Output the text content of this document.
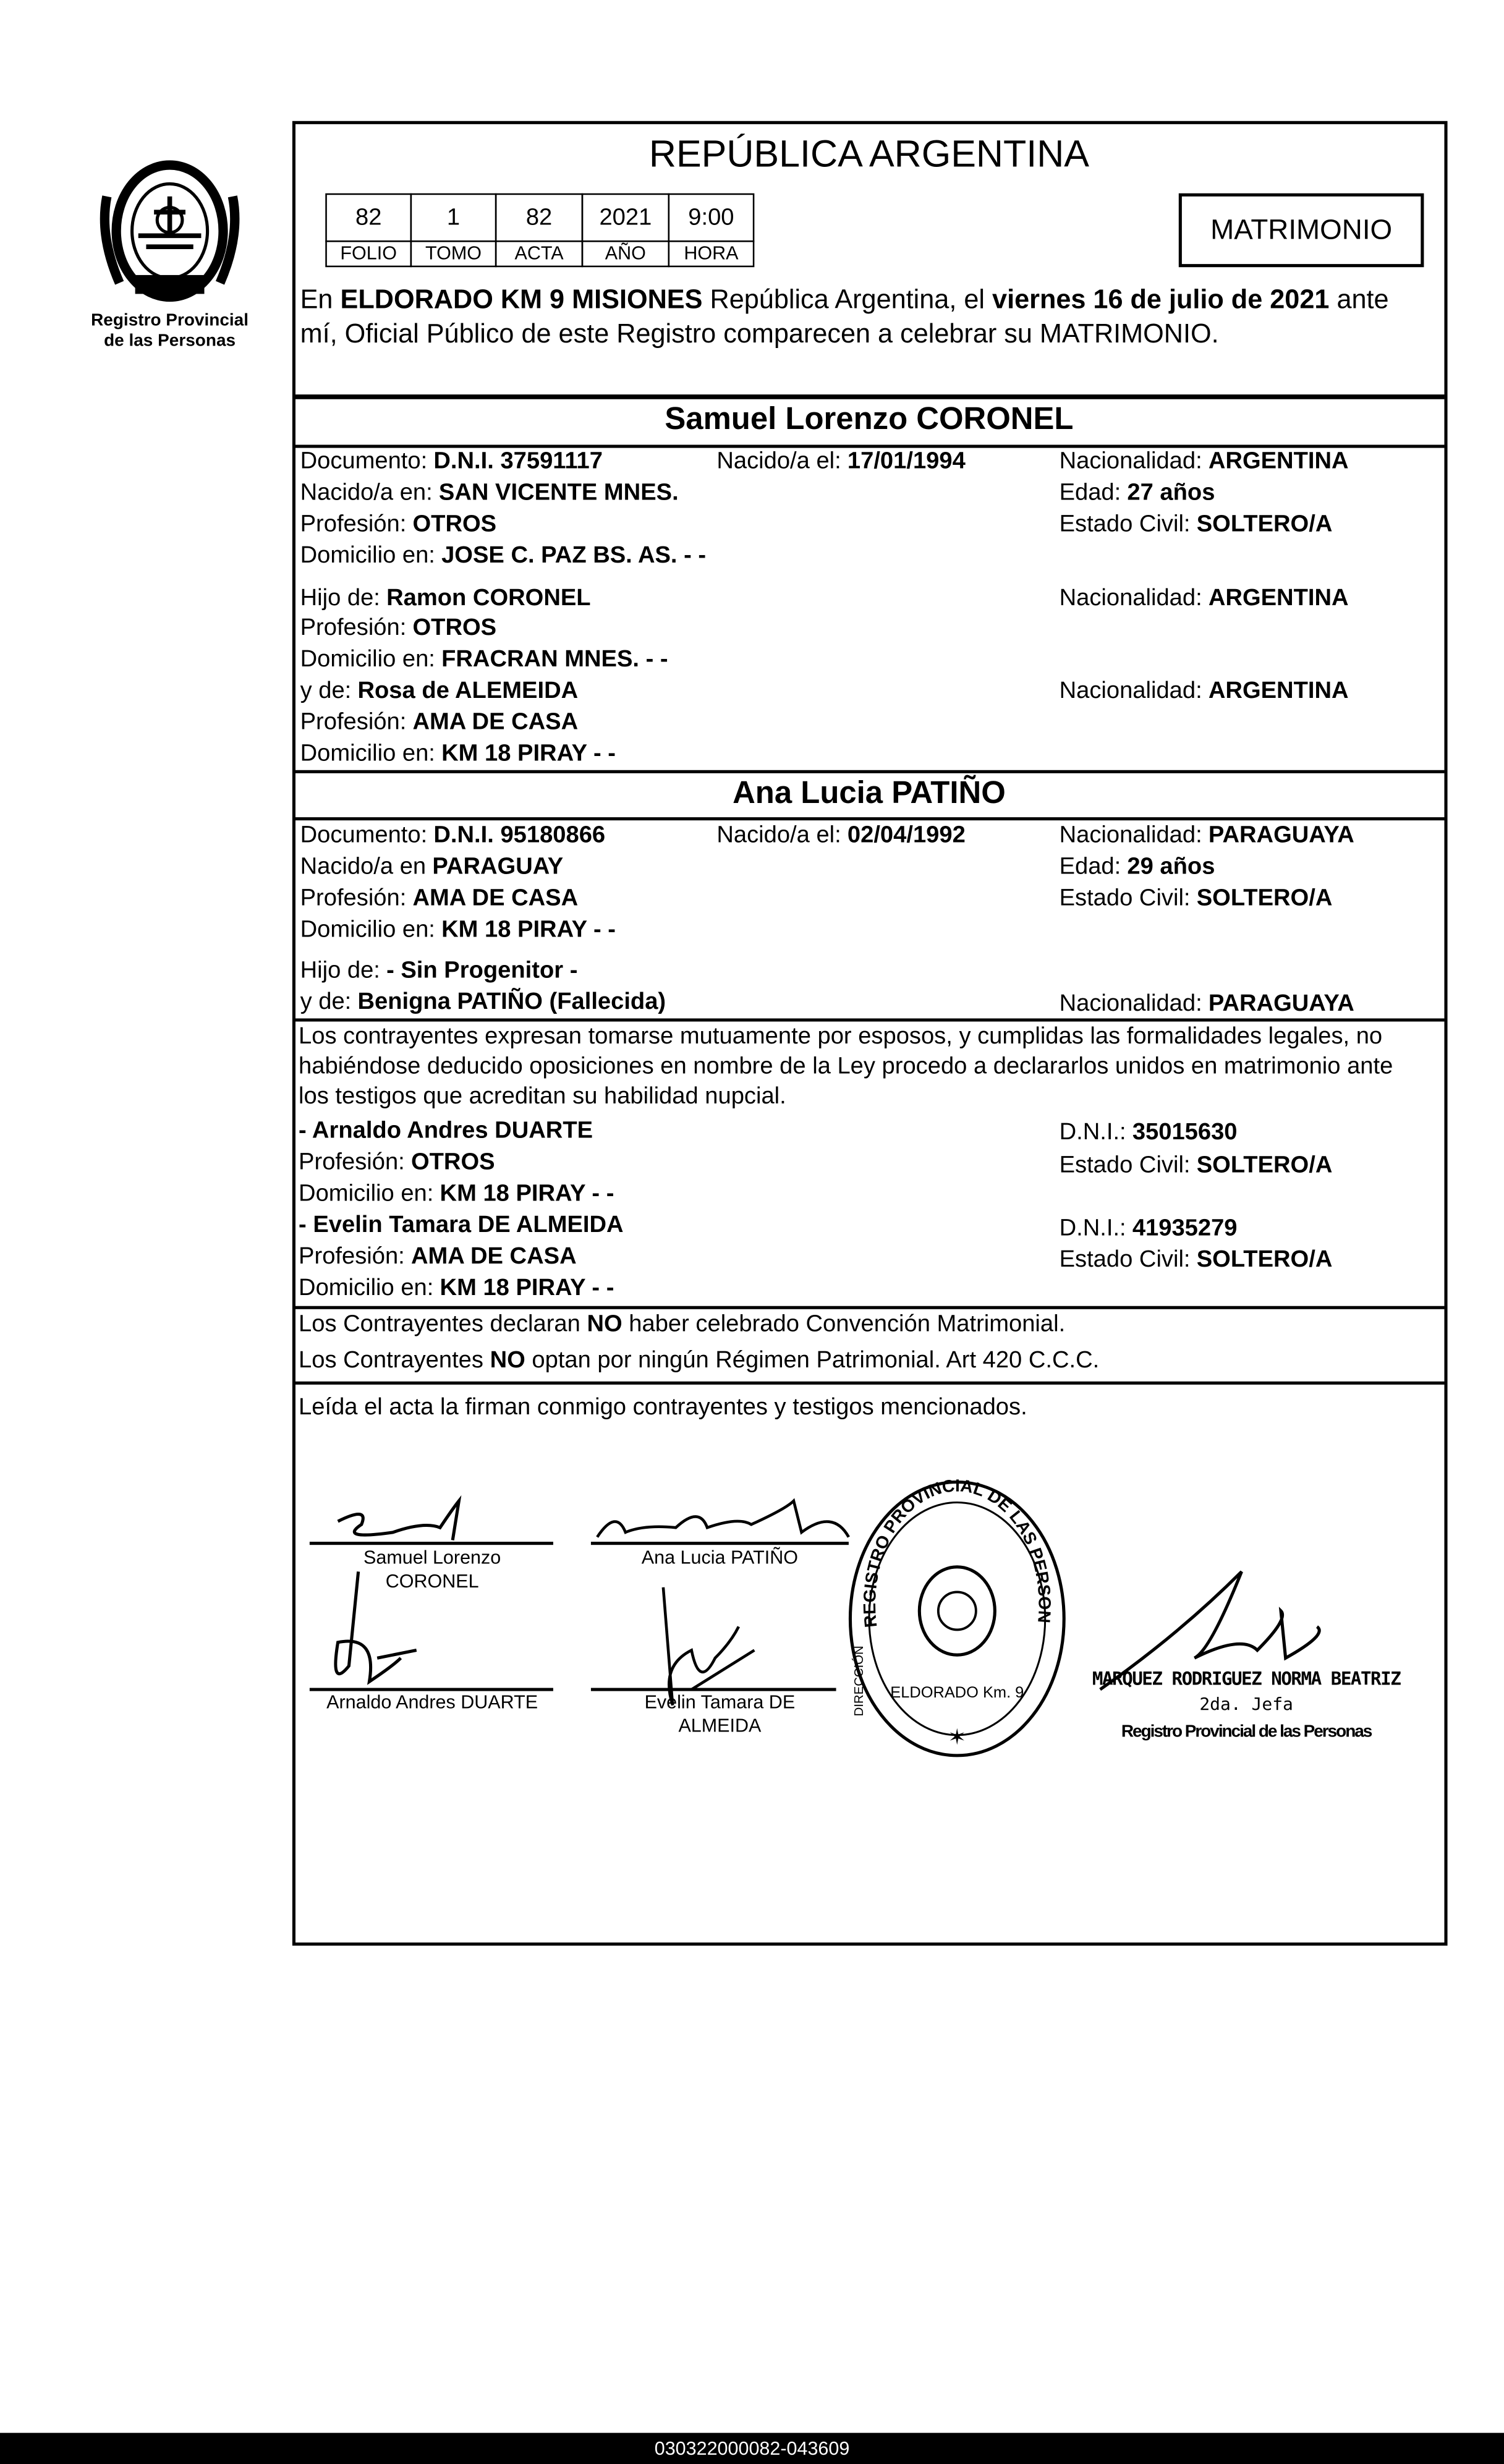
Registro Provincial
de las Personas
REPÚBLICA ARGENTINA
82	1	82	2021	9:00
FOLIO	TOMO	ACTA	AÑO	HORA
MATRIMONIO
En ELDORADO KM 9 MISIONES República Argentina, el viernes 16 de julio de 2021 ante
mí, Oficial Público de este Registro comparecen a celebrar su MATRIMONIO.
Samuel Lorenzo CORONEL
Documento: D.N.I. 37591117	Nacido/a el: 17/01/1994	Nacionalidad: ARGENTINA
Nacido/a en: SAN VICENTE MNES.	Edad: 27 años
Profesión: OTROS	Estado Civil: SOLTERO/A
Domicilio en: JOSE C. PAZ BS. AS. - -
Hijo de: Ramon CORONEL	Nacionalidad: ARGENTINA
Profesión: OTROS
Domicilio en: FRACRAN MNES. - -
y de: Rosa de ALEMEIDA	Nacionalidad: ARGENTINA
Profesión: AMA DE CASA
Domicilio en: KM 18 PIRAY - -
Ana Lucia PATIÑO
Documento: D.N.I. 95180866	Nacido/a el: 02/04/1992	Nacionalidad: PARAGUAYA
Nacido/a en PARAGUAY	Edad: 29 años
Profesión: AMA DE CASA	Estado Civil: SOLTERO/A
Domicilio en: KM 18 PIRAY - -
Hijo de: - Sin Progenitor -
y de: Benigna PATIÑO (Fallecida)	Nacionalidad: PARAGUAYA
Los contrayentes expresan tomarse mutuamente por esposos, y cumplidas las formalidades legales, no
habiéndose deducido oposiciones en nombre de la Ley procedo a declararlos unidos en matrimonio ante
los testigos que acreditan su habilidad nupcial.
- Arnaldo Andres DUARTE	D.N.I.: 35015630
Profesión: OTROS	Estado Civil: SOLTERO/A
Domicilio en: KM 18 PIRAY - -
- Evelin Tamara DE ALMEIDA	D.N.I.: 41935279
Profesión: AMA DE CASA	Estado Civil: SOLTERO/A
Domicilio en: KM 18 PIRAY - -
Los Contrayentes declaran NO haber celebrado Convención Matrimonial.
Los Contrayentes NO optan por ningún Régimen Patrimonial. Art 420 C.C.C.
Leída el acta la firman conmigo contrayentes y testigos mencionados.
Samuel Lorenzo
CORONEL
Ana Lucia PATIÑO
Arnaldo Andres DUARTE	Evelin Tamara DE
ALMEIDA
REGISTRO PROVINCIAL DE LAS PERSON
ELDORADO Km. 9
DIRECCIÓN
✶
MARQUEZ RODRIGUEZ NORMA BEATRIZ
2da. Jefa
Registro Provincial de las Personas
030322000082-043609
